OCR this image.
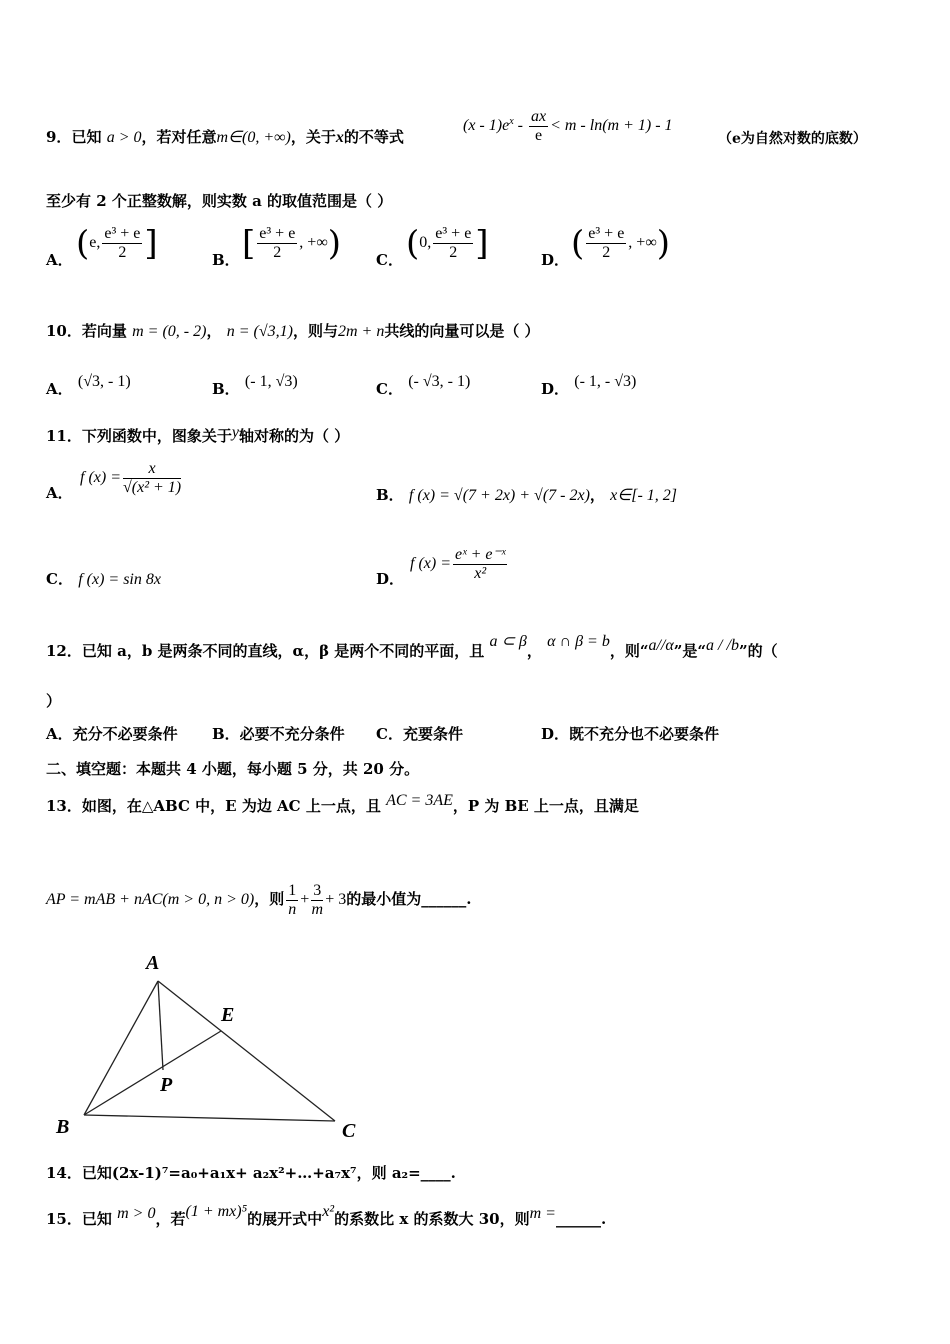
9．已知 a > 0，若对任意m∈(0, +∞)，关于x的不等式
$(x - 1)e^x - \frac{ax}{e} < m - \ln(m + 1) - 1$
（e为自然对数的底数）
至少有 2 个正整数解，则实数 a 的取值范围是（ ）
A． (e, $\frac{\text{e³ + e}}{2}$ ]	B． [ $\frac{\text{e³ + e}}{2}$ , +∞) C． (0, $\frac{\text{e³ + e}}{2}$ ]	D． ( $\frac{\text{e³ + e}}{2}$ , +∞)
10．若向量 m = (0, - 2)， n = (√3,1)，则与2m + n共线的向量可以是（ ）
A． (√3, - 1)	B． (- 1, √3)	C． (- √3, - 1)	D． (- 1, - √3)
11．下列函数中，图象关于y轴对称的为（ ）
A．
f $(x) = \frac{x}{\text{√(x² + 1)}}$	B． f (x) = √(7 + 2x) + √(7 - 2x)， x∈[- 1, 2]
C． f (x) = sin 8x	D．
f $(x) = \frac{\text{eˣ + e⁻ˣ}}{\text{x²}}$
12．已知 a，b 是两条不同的直线，α，β 是两个不同的平面，且 a ⊂ β， α ∩ β = b，则“a//α”是“a / /b”的（
）
A．充分不必要条件 B．必要不充分条件 C．充要条件	D．既不充分也不必要条件
二、填空题：本题共 4 小题，每小题 5 分，共 20 分。
13．如图，在△ABC 中，E 为边 AC 上一点，且 AC = 3AE，P 为 BE 上一点，且满足
AP = mAB + nAC(m > 0, n > 0)，则 $\frac{1}{n} + \frac{3}{m} + 3$的最小值为______.
A
E
P
B	C
14．已知(2x-1)⁷=a₀+a₁x+ a₂x²+…+a₇x⁷，则 a₂=____.
15．已知 m > 0，若(1 + mx)⁵的展开式中x²的系数比 x 的系数大 30，则m =______.
